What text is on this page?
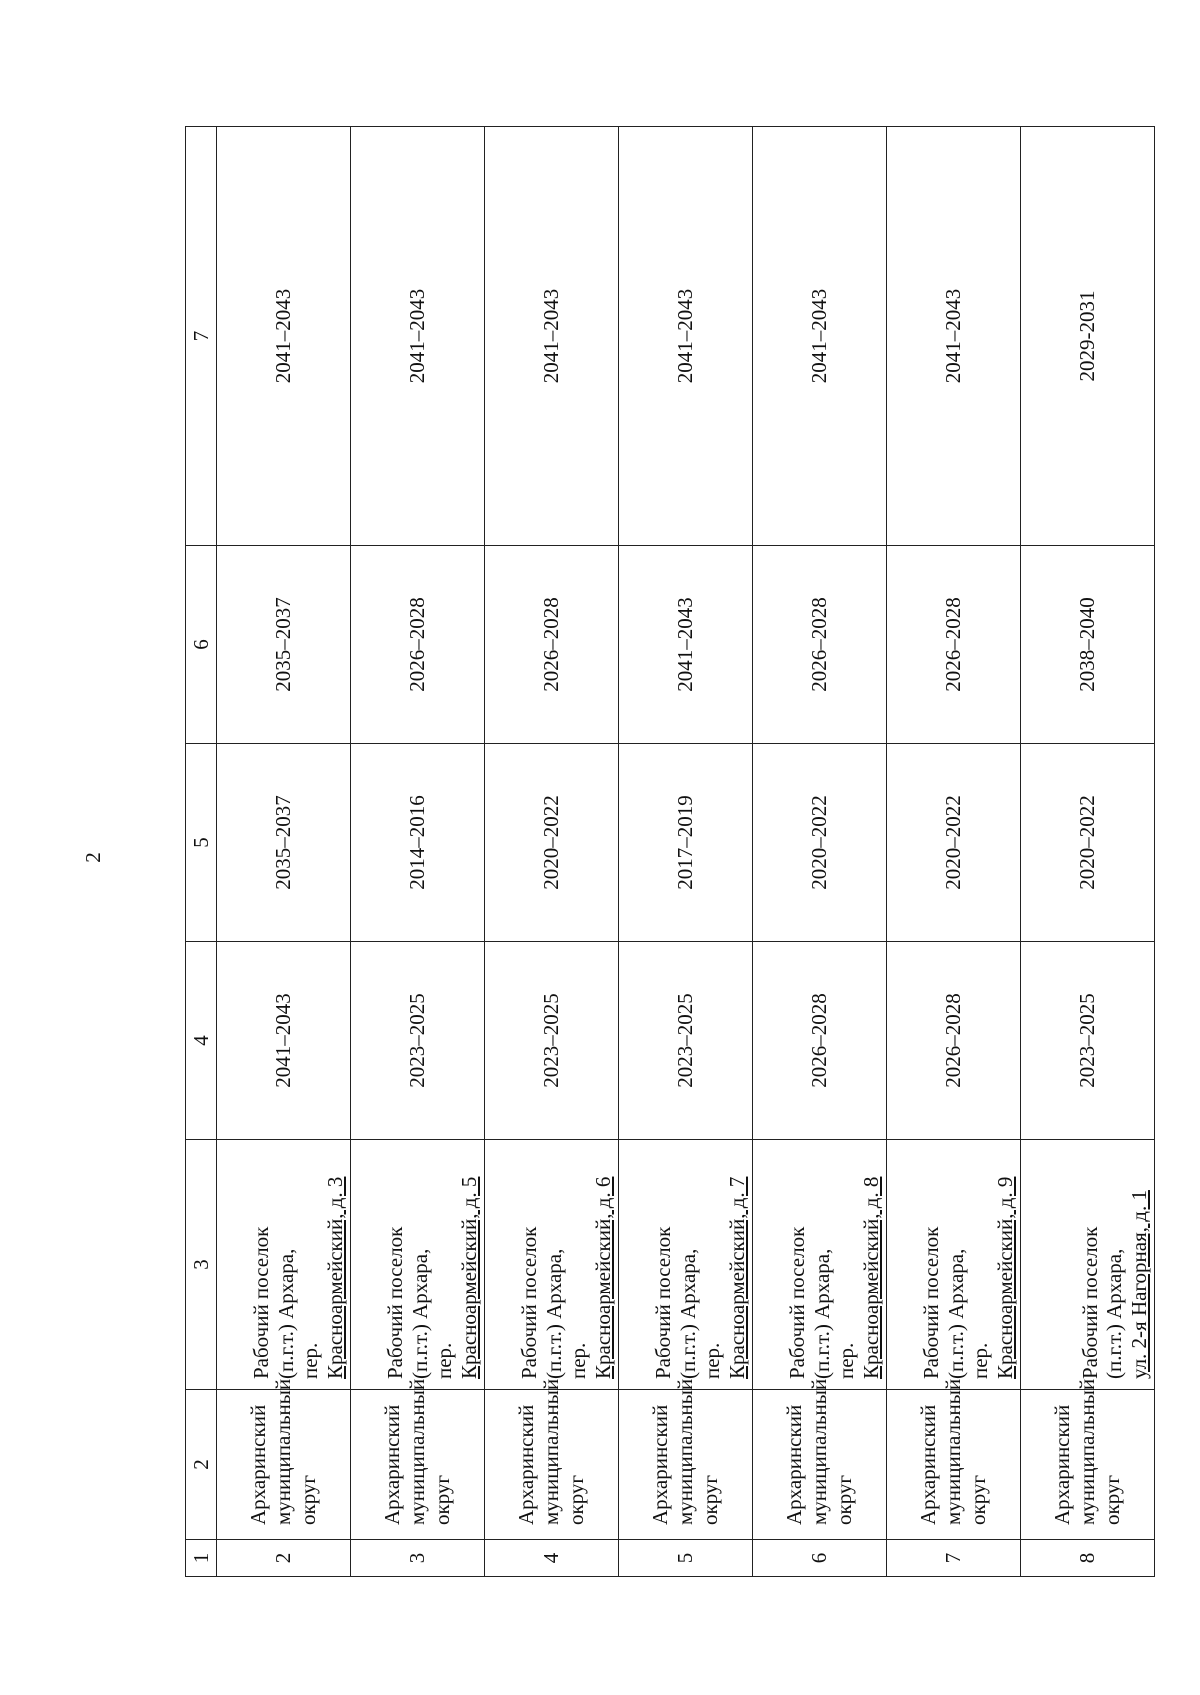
2
1	2	3	4	5	6	7
2	Архаринский муниципальный округ	Рабочий поселок (п.г.т.) Архара, пер. Красноармейский, д. 3	2041–2043	2035–2037	2035–2037	2041–2043
3	Архаринский муниципальный округ	Рабочий поселок (п.г.т.) Архара, пер. Красноармейский, д. 5	2023–2025	2014–2016	2026–2028	2041–2043
4	Архаринский муниципальный округ	Рабочий поселок (п.г.т.) Архара, пер. Красноармейский, д. 6	2023–2025	2020–2022	2026–2028	2041–2043
5	Архаринский муниципальный округ	Рабочий поселок (п.г.т.) Архара, пер. Красноармейский, д. 7	2023–2025	2017–2019	2041–2043	2041–2043
6	Архаринский муниципальный округ	Рабочий поселок (п.г.т.) Архара, пер. Красноармейский, д. 8	2026–2028	2020–2022	2026–2028	2041–2043
7	Архаринский муниципальный округ	Рабочий поселок (п.г.т.) Архара, пер. Красноармейский, д. 9	2026–2028	2020–2022	2026–2028	2041–2043
8	Архаринский муниципальный округ	Рабочий поселок (п.г.т.) Архара, ул. 2-я Нагорная, д. 1	2023–2025	2020–2022	2038–2040	2029-2031
